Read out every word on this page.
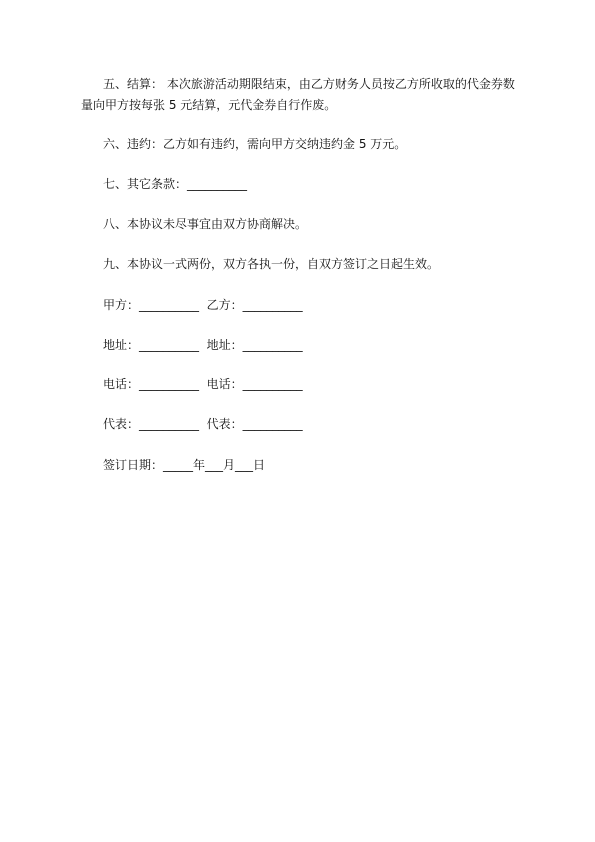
五、结算： 本次旅游活动期限结束，由乙方财务人员按乙方所收取的代金券数量向甲方按每张 5 元结算，元代金券自行作废。

六、违约：乙方如有违约，需向甲方交纳违约金 5 万元。

七、其它条款：__________

八、本协议未尽事宜由双方协商解决。

九、本协议一式两份，双方各执一份，自双方签订之日起生效。

甲方：__________  乙方：__________

地址：__________  地址：__________

电话：__________  电话：__________

代表：__________  代表：__________

签订日期：_____年___月___日
